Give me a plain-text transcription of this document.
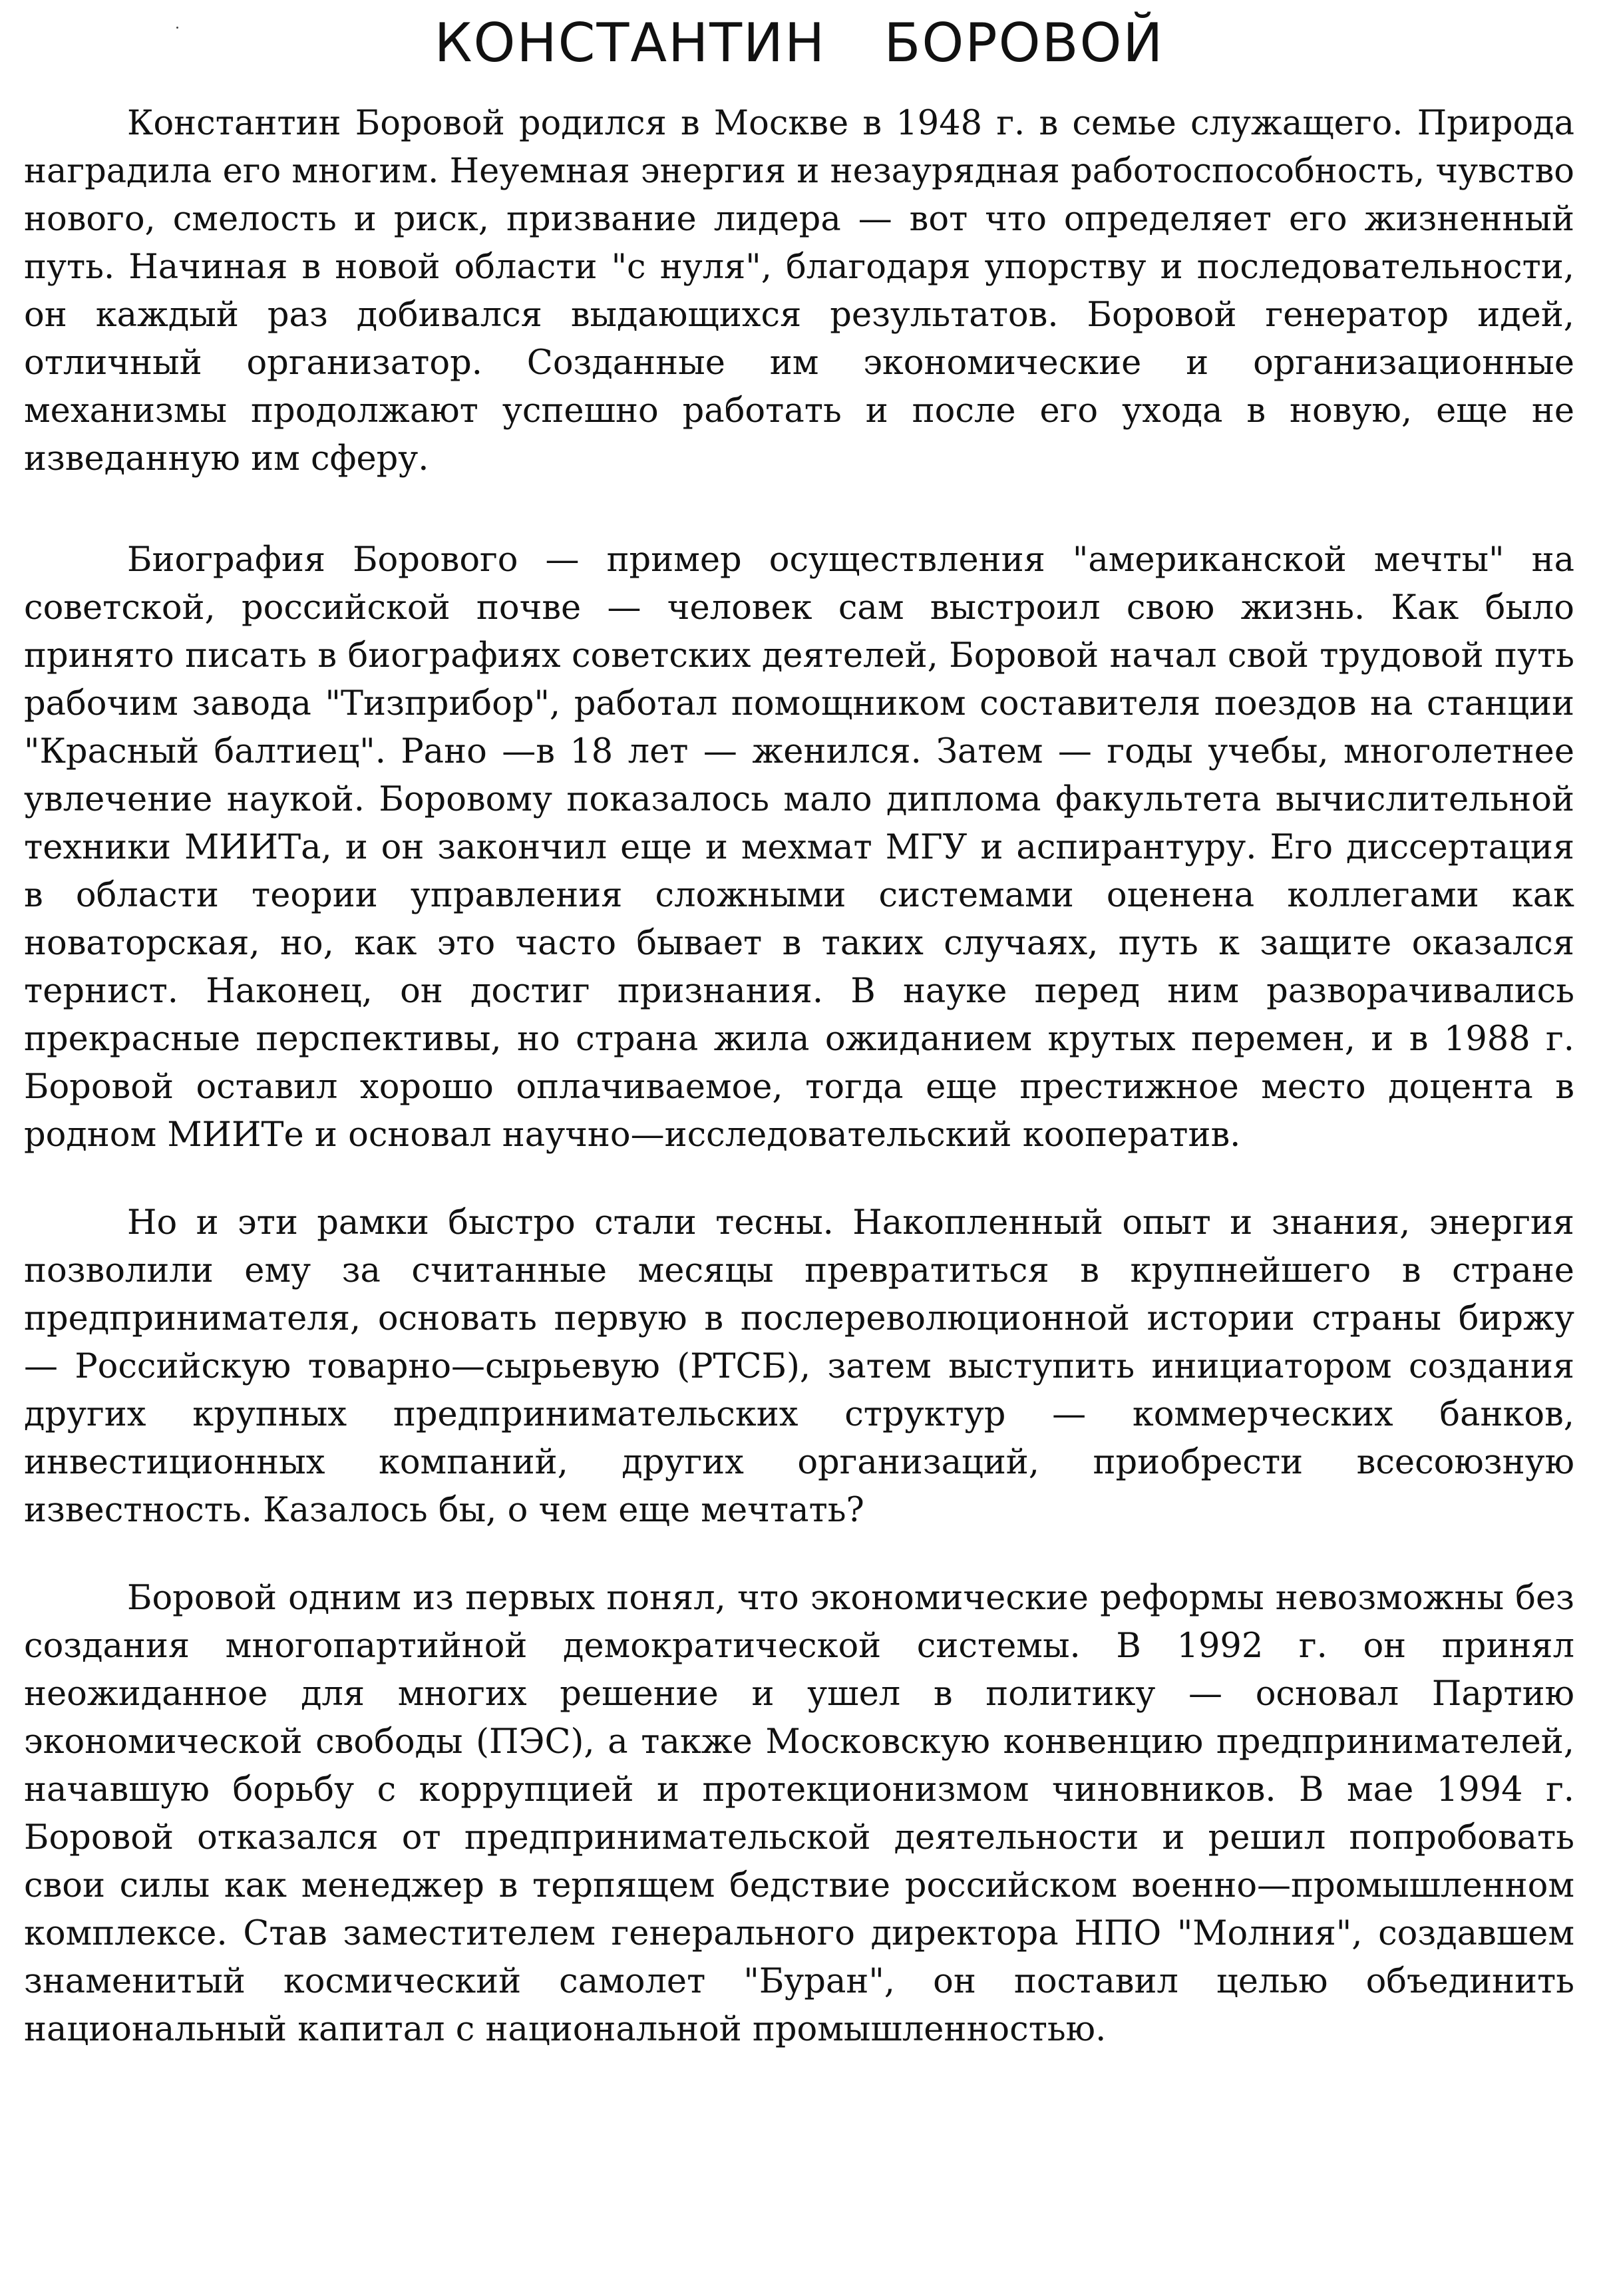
КОНСТАНТИН БОРОВОЙ

Константин Боровой родился в Москве в 1948 г. в семье служащего. Природа наградила его многим. Неуемная энергия и незаурядная работоспособность, чувство нового, смелость и риск, призвание лидера — вот что определяет его жизненный путь. Начиная в новой области "с нуля", благодаря упорству и последовательности, он каждый раз добивался выдающихся результатов. Боровой генератор идей, отличный организатор. Созданные им экономические и организационные механизмы продолжают успешно работать и после его ухода в новую, еще не изведанную им сферу.

Биография Борового — пример осуществления "американской мечты" на советской, российской почве — человек сам выстроил свою жизнь. Как было принято писать в биографиях советских деятелей, Боровой начал свой трудовой путь рабочим завода "Тизприбор", работал помощником составителя поездов на станции "Красный балтиец". Рано —в 18 лет — женился. Затем — годы учебы, многолетнее увлечение наукой. Боровому показалось мало диплома факультета вычислительной техники МИИТа, и он закончил еще и мехмат МГУ и аспирантуру. Его диссертация в области теории управления сложными системами оценена коллегами как новаторская, но, как это часто бывает в таких случаях, путь к защите оказался тернист. Наконец, он достиг признания. В науке перед ним разворачивались прекрасные перспективы, но страна жила ожиданием крутых перемен, и в 1988 г. Боровой оставил хорошо оплачиваемое, тогда еще престижное место доцента в родном МИИТе и основал научно—исследовательский кооператив.

Но и эти рамки быстро стали тесны. Накопленный опыт и знания, энергия позволили ему за считанные месяцы превратиться в крупнейшего в стране предпринимателя, основать первую в послереволюционной истории страны биржу — Российскую товарно—сырьевую (РТСБ), затем выступить инициатором создания других крупных предпринимательских структур — коммерческих банков, инвестиционных компаний, других организаций, приобрести всесоюзную известность. Казалось бы, о чем еще мечтать?

Боровой одним из первых понял, что экономические реформы невозможны без создания многопартийной демократической системы. В 1992 г. он принял неожиданное для многих решение и ушел в политику — основал Партию экономической свободы (ПЭС), а также Московскую конвенцию предпринимателей, начавшую борьбу с коррупцией и протекционизмом чиновников. В мае 1994 г. Боровой отказался от предпринимательской деятельности и решил попробовать свои силы как менеджер в терпящем бедствие российском военно—промышленном комплексе. Став заместителем генерального директора НПО "Молния", создавшем знаменитый космический самолет "Буран", он поставил целью объединить национальный капитал с национальной промышленностью.
